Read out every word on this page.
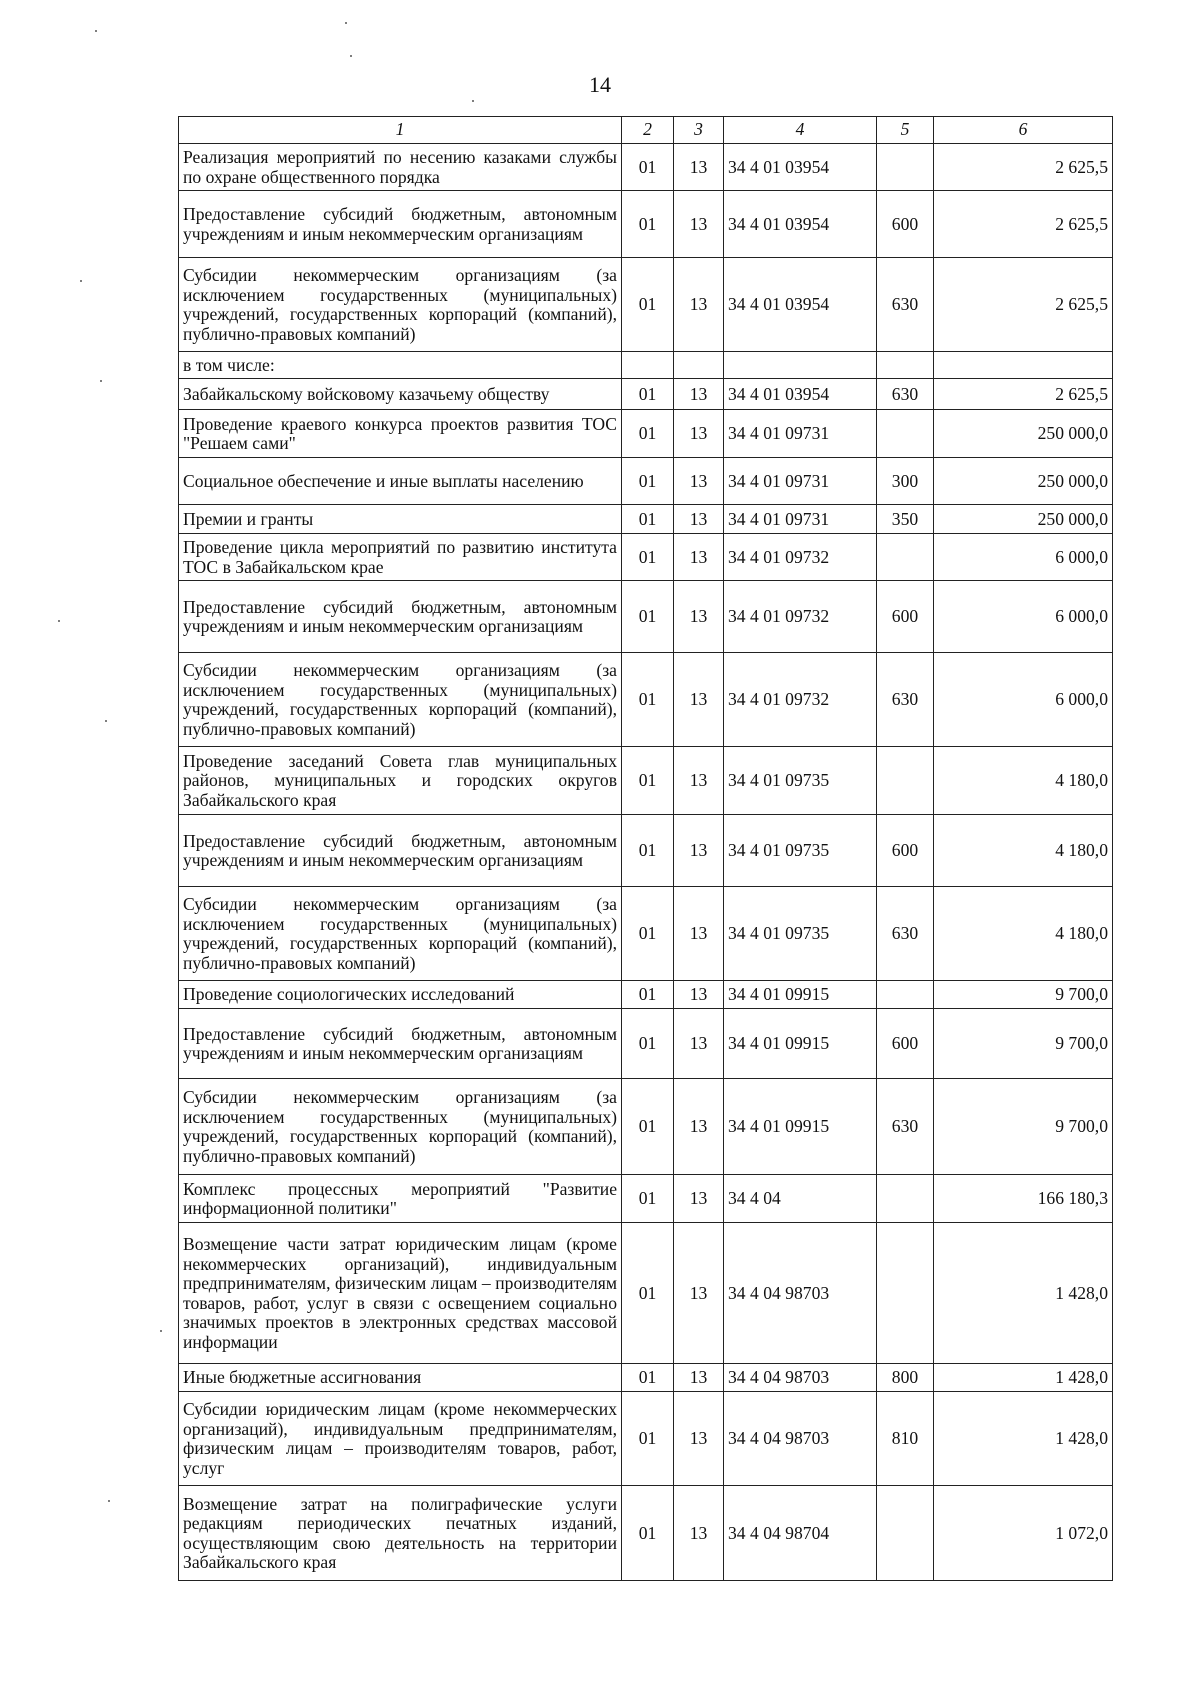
14
1	2	3	4	5	6
Реализация мероприятий по несению казаками службы по охране общественного порядка	01	13	34 4 01 03954		2 625,5
Предоставление субсидий бюджетным, автономным учреждениям и иным некоммерческим организациям	01	13	34 4 01 03954	600	2 625,5
Субсидии некоммерческим организациям (за исключением государственных (муниципальных) учреждений, государственных корпораций (компаний), публично-правовых компаний)	01	13	34 4 01 03954	630	2 625,5
в том числе:					
Забайкальскому войсковому казачьему обществу	01	13	34 4 01 03954	630	2 625,5
Проведение краевого конкурса проектов развития ТОС "Решаем сами"	01	13	34 4 01 09731		250 000,0
Социальное обеспечение и иные выплаты населению	01	13	34 4 01 09731	300	250 000,0
Премии и гранты	01	13	34 4 01 09731	350	250 000,0
Проведение цикла мероприятий по развитию института ТОС в Забайкальском крае	01	13	34 4 01 09732		6 000,0
Предоставление субсидий бюджетным, автономным учреждениям и иным некоммерческим организациям	01	13	34 4 01 09732	600	6 000,0
Субсидии некоммерческим организациям (за исключением государственных (муниципальных) учреждений, государственных корпораций (компаний), публично-правовых компаний)	01	13	34 4 01 09732	630	6 000,0
Проведение заседаний Совета глав муниципальных районов, муниципальных и городских округов Забайкальского края	01	13	34 4 01 09735		4 180,0
Предоставление субсидий бюджетным, автономным учреждениям и иным некоммерческим организациям	01	13	34 4 01 09735	600	4 180,0
Субсидии некоммерческим организациям (за исключением государственных (муниципальных) учреждений, государственных корпораций (компаний), публично-правовых компаний)	01	13	34 4 01 09735	630	4 180,0
Проведение социологических исследований	01	13	34 4 01 09915		9 700,0
Предоставление субсидий бюджетным, автономным учреждениям и иным некоммерческим организациям	01	13	34 4 01 09915	600	9 700,0
Субсидии некоммерческим организациям (за исключением государственных (муниципальных) учреждений, государственных корпораций (компаний), публично-правовых компаний)	01	13	34 4 01 09915	630	9 700,0
Комплекс процессных мероприятий "Развитие информационной политики"	01	13	34 4 04		166 180,3
Возмещение части затрат юридическим лицам (кроме некоммерческих организаций), индивидуальным предпринимателям, физическим лицам – производителям товаров, работ, услуг в связи с освещением социально значимых проектов в электронных средствах массовой информации	01	13	34 4 04 98703		1 428,0
Иные бюджетные ассигнования	01	13	34 4 04 98703	800	1 428,0
Субсидии юридическим лицам (кроме некоммерческих организаций), индивидуальным предпринимателям, физическим лицам – производителям товаров, работ, услуг	01	13	34 4 04 98703	810	1 428,0
Возмещение затрат на полиграфические услуги редакциям периодических печатных изданий, осуществляющим свою деятельность на территории Забайкальского края	01	13	34 4 04 98704		1 072,0
